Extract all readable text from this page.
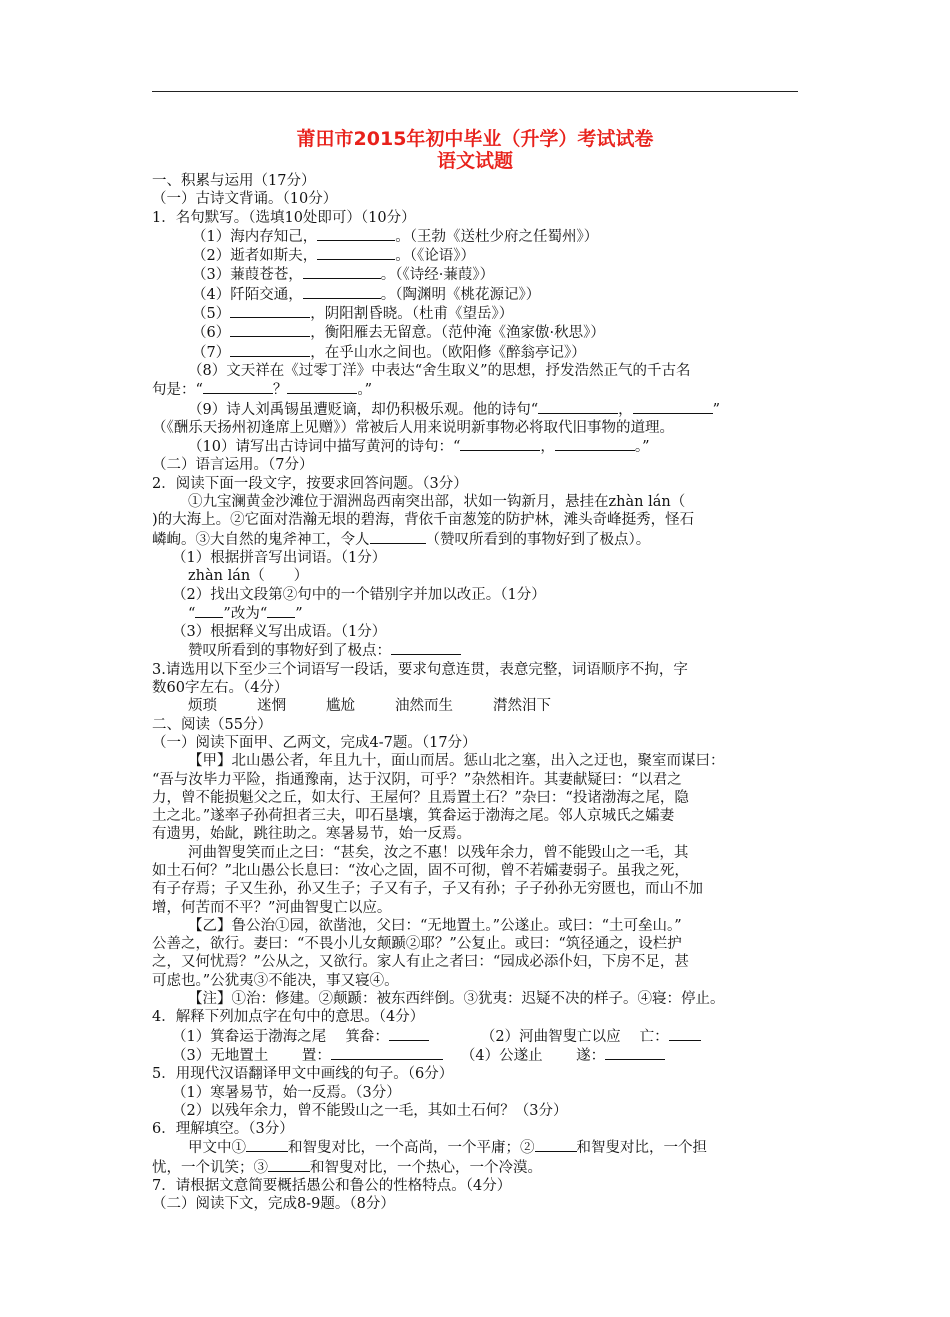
莆田市2015年初中毕业（升学）考试试卷
语文试题

一、积累与运用（17分）

（一）古诗文背诵。（10分）

1．名句默写。（选填10处即可）（10分）

（1）海内存知己，	。（王勃《送杜少府之任蜀州》）

（2）逝者如斯夫，	。（《论语》）

（3）蒹葭苍苍，	。（《诗经·蒹葭》）

（4）阡陌交通，	。（陶渊明《桃花源记》）

（5）	，阴阳割昏晓。（杜甫《望岳》）

（6）	，衡阳雁去无留意。（范仲淹《渔家傲·秋思》）

（7）	，在乎山水之间也。（欧阳修《醉翁亭记》）

（8）文天祥在《过零丁洋》中表达“舍生取义”的思想，抒发浩然正气的千古名

句是：“	？	。”

（9）诗人刘禹锡虽遭贬谪，却仍积极乐观。他的诗句“	，	”

（《酬乐天扬州初逢席上见赠》）常被后人用来说明新事物必将取代旧事物的道理。

（10）请写出古诗词中描写黄河的诗句：“	，	。”

（二）语言运用。（7分）

2．阅读下面一段文字，按要求回答问题。（3分）

①九宝澜黄金沙滩位于湄洲岛西南突出部，状如一钩新月，悬挂在zhàn lán（

)的大海上。②它面对浩瀚无垠的碧海，背依千亩葱笼的防护林，滩头奇峰挺秀，怪石

嶙峋。③大自然的鬼斧神工，令人	（赞叹所看到的事物好到了极点）。

（1）根据拼音写出词语。（1分）

zhàn lán（　　）

（2）找出文段第②句中的一个错别字并加以改正。（1分）

“ ”改为“ ”

（3）根据释义写出成语。（1分）

赞叹所看到的事物好到了极点：

3.请选用以下至少三个词语写一段话，要求句意连贯，表意完整，词语顺序不拘，字

数60字左右。（4分）

烦琐	迷惘	尴尬	油然而生	潸然泪下

二、阅读（55分）

（一）阅读下面甲、乙两文，完成4-7题。（17分）

【甲】北山愚公者，年且九十，面山而居。惩山北之塞，出入之迂也，聚室而谋曰：

“吾与汝毕力平险，指通豫南，达于汉阴，可乎？”杂然相许。其妻献疑曰：“以君之

力，曾不能损魁父之丘，如太行、王屋何？且焉置土石？”杂曰：“投诸渤海之尾，隐

土之北。”遂率子孙荷担者三夫，叩石垦壤，箕畚运于渤海之尾。邻人京城氏之孀妻

有遗男，始龀，跳往助之。寒暑易节，始一反焉。

河曲智叟笑而止之曰：“甚矣，汝之不惠！以残年余力，曾不能毁山之一毛，其

如土石何？”北山愚公长息曰：“汝心之固，固不可彻，曾不若孀妻弱子。虽我之死，

有子存焉；子又生孙，孙又生子；子又有子，子又有孙；子子孙孙无穷匮也，而山不加

增，何苦而不平？”河曲智叟亡以应。

【乙】鲁公治①园，欲凿池，父曰：“无地置土。”公遂止。或曰：“土可垒山。”

公善之，欲行。妻曰：“不畏小儿女颠踬②耶？”公复止。或曰：“筑径通之，设栏护

之，又何忧焉？”公从之，又欲行。家人有止之者曰：“园成必添仆妇，下房不足，甚

可虑也。”公犹夷③不能决，事又寝④。

【注】①治：修建。②颠踬：被东西绊倒。③犹夷：迟疑不决的样子。④寝：停止。

4．解释下列加点字在句中的意思。（4分）

（1）箕畚运于渤海之尾　 箕畚：	（2）河曲智叟亡以应　 亡：

（3）无地置土　　 置：	（4）公遂止　　 遂：

5．用现代汉语翻译甲文中画线的句子。（6分）

（1）寒暑易节，始一反焉。（3分）

（2）以残年余力，曾不能毁山之一毛，其如土石何？（3分）

6．理解填空。（3分）

甲文中①	和智叟对比，一个高尚，一个平庸；②	和智叟对比，一个担

忧，一个讥笑；③	和智叟对比，一个热心，一个冷漠。

7．请根据文意简要概括愚公和鲁公的性格特点。（4分）

（二）阅读下文，完成8-9题。（8分）
